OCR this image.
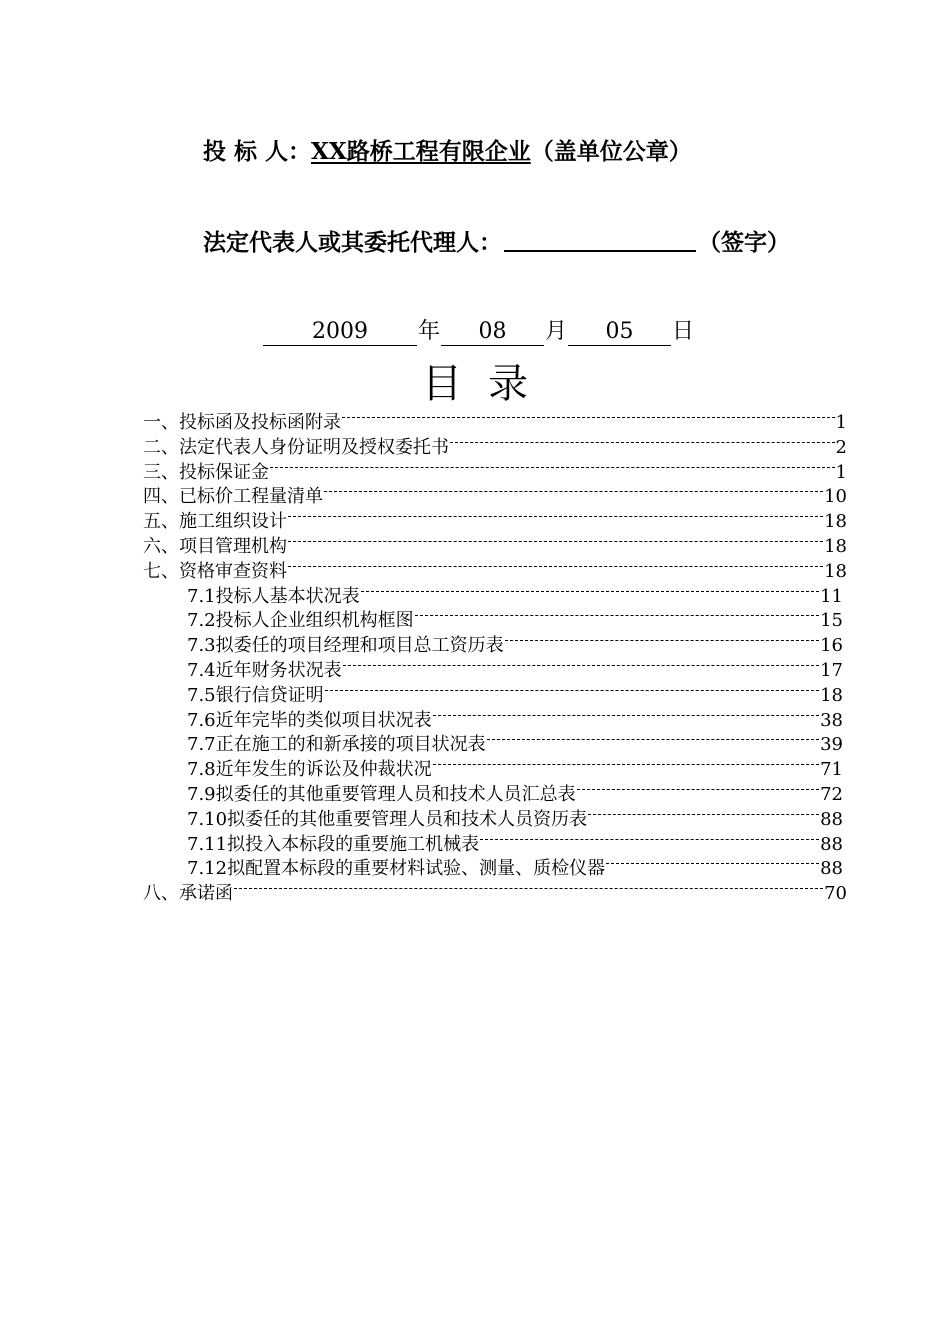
投 标 人：XX路桥工程有限企业（盖单位公章）
法定代表人或其委托代理人：	（签字）
2009 年 08 月 05 日
目录
一、投标函及投标函附录	1
二、法定代表人身份证明及授权委托书	2
三、投标保证金	1
四、已标价工程量清单	10
五、施工组织设计	18
六、项目管理机构	18
七、资格审查资料	18
7.1投标人基本状况表	11
7.2投标人企业组织机构框图	15
7.3拟委任的项目经理和项目总工资历表	16
7.4近年财务状况表	17
7.5银行信贷证明	18
7.6近年完毕的类似项目状况表	38
7.7正在施工的和新承接的项目状况表	39
7.8近年发生的诉讼及仲裁状况	71
7.9拟委任的其他重要管理人员和技术人员汇总表	72
7.10拟委任的其他重要管理人员和技术人员资历表	88
7.11拟投入本标段的重要施工机械表	88
7.12拟配置本标段的重要材料试验、测量、质检仪器	88
八、承诺函	70
